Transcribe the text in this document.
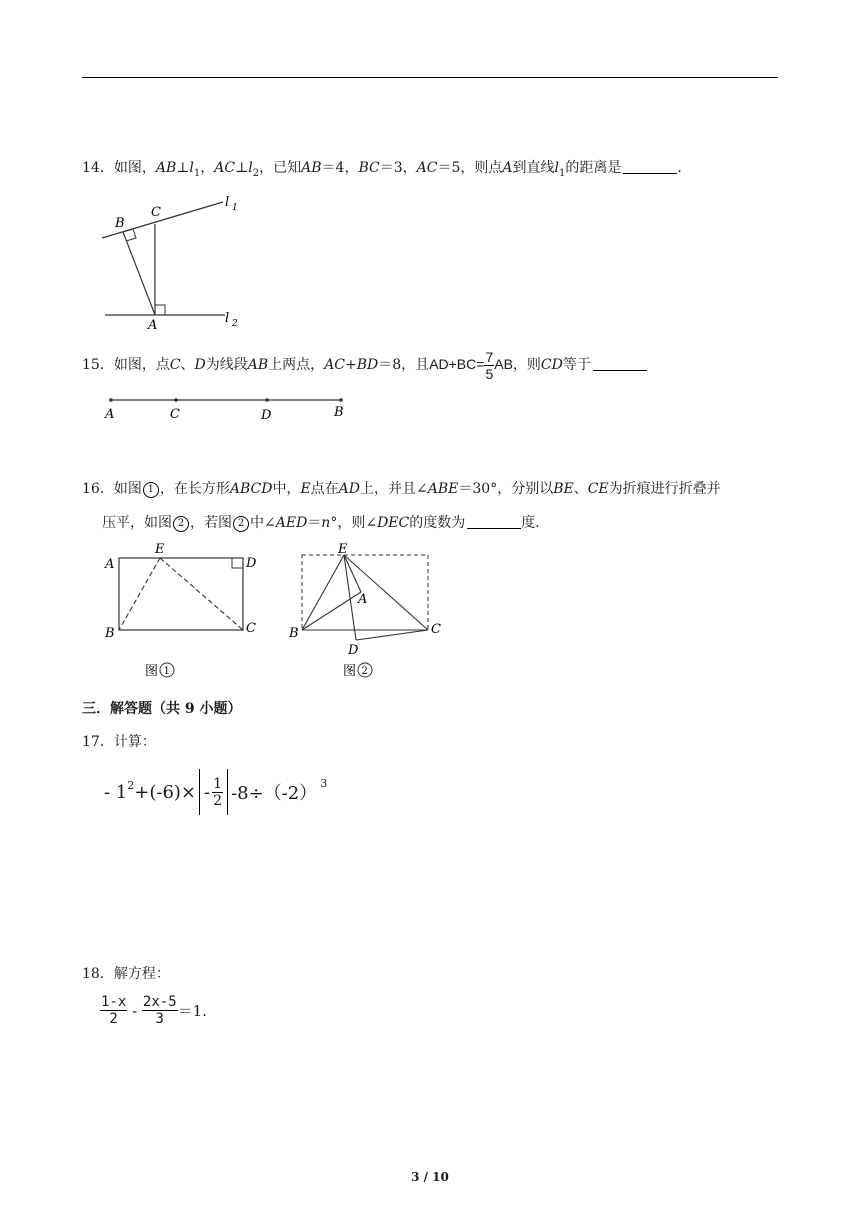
14．如图，$AB\perp l_1$，$AC\perp l_2$，已知AB＝4，BC＝3，AC＝5，则点A到直线$l_1$的距离是	．
B
C
A
l 1
l 2
15．如图，点C、D为线段AB上两点，AC+BD＝8，且$AD+BC= \frac{7}{5}$ AB，则CD等于
A	C	D	B
16．如图 1 ，在长方形ABCD中，E点在AD上，并且∠ABE＝30°，分别以BE、CE为折痕进行折叠并
压平，如图 2 ，若图 2 中∠AED＝n°，则∠DEC的度数为	度．
A
E
D
B	C
图 1
E
A
B	C
D
图 2
三．解答题（共 9 小题）
17．计算：
- $1^2 +(-6)\times - \frac{1}{2} -8\div(-2)$ $^3$
18．解方程：
$\frac{1-x}{2} - \frac{2x-5}{3} =1$.
3 / 10
